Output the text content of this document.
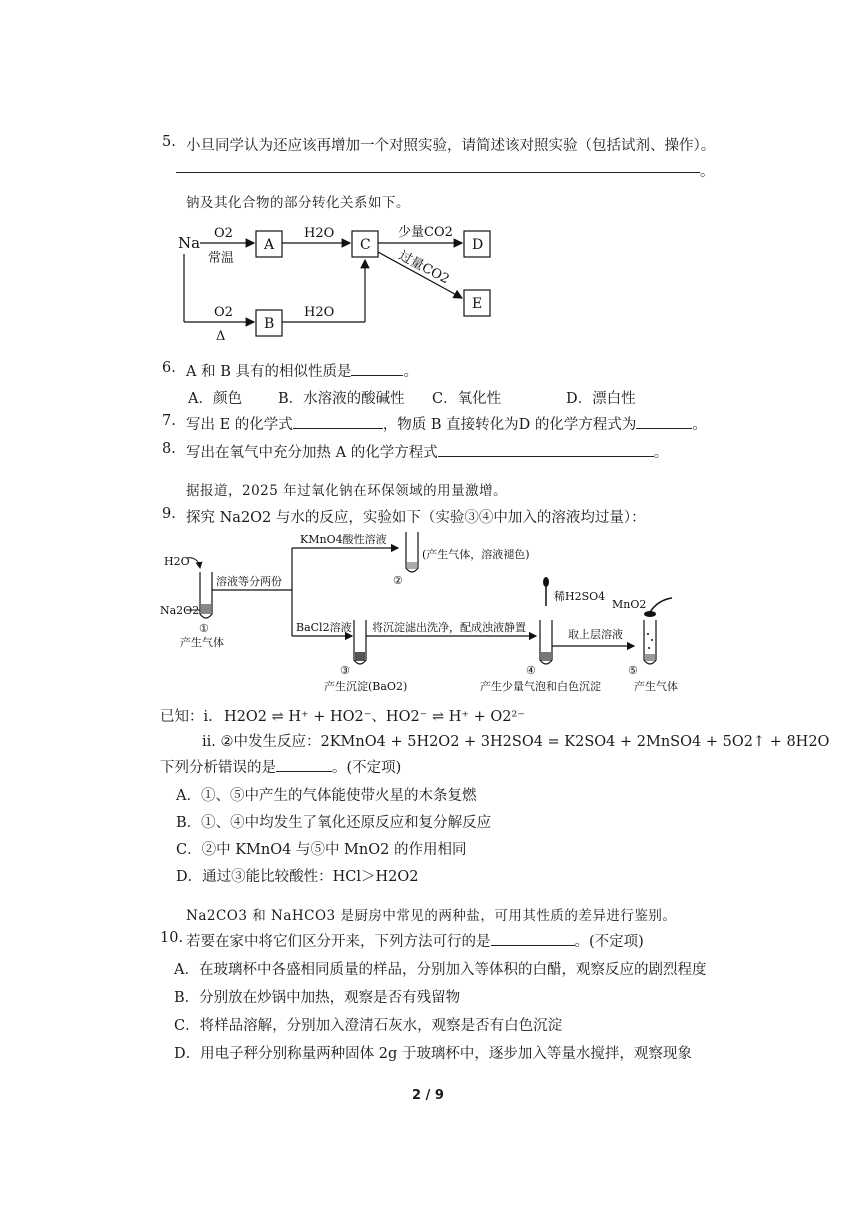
5. 小旦同学认为还应该再增加一个对照实验，请简述该对照实验（包括试剂、操作）。
。
钠及其化合物的部分转化关系如下。
Na
O2
常温
A
H2O
C
少量CO2
D
过量CO2
E
O2
Δ
B
H2O
6. A 和 B 具有的相似性质是	。
A．颜色 B．水溶液的酸碱性 C．氧化性	D．漂白性
7. 写出 E 的化学式	，物质 B 直接转化为D 的化学方程式为	。
8. 写出在氧气中充分加热 A 的化学方程式	。
据报道，2025 年过氧化钠在环保领域的用量激增。
9. 探究 Na2O2 与水的反应，实验如下（实验③④中加入的溶液均过量）：
H2O
Na2O2
①
产生气体
溶液等分两份
KMnO4酸性溶液
②
(产生气体，溶液褪色)
BaCl2溶液
③
产生沉淀(BaO2)
将沉淀滤出洗净，配成浊液静置
稀H2SO4
④
产生少量气泡和白色沉淀
取上层溶液
MnO2
⑤
产生气体
已知：i. H2O2 ⇌ H⁺ + HO2⁻、HO2⁻ ⇌ H⁺ + O2²⁻
ii. ②中发生反应：2KMnO4 + 5H2O2 + 3H2SO4 = K2SO4 + 2MnSO4 + 5O2↑ + 8H2O
下列分析错误的是	。(不定项)
A．①、⑤中产生的气体能使带火星的木条复燃
B．①、④中均发生了氧化还原反应和复分解反应
C．②中 KMnO4 与⑤中 MnO2 的作用相同
D．通过③能比较酸性：HCl＞H2O2
Na2CO3 和 NaHCO3 是厨房中常见的两种盐，可用其性质的差异进行鉴别。
10. 若要在家中将它们区分开来，下列方法可行的是	。(不定项)
A．在玻璃杯中各盛相同质量的样品，分别加入等体积的白醋，观察反应的剧烈程度
B．分别放在炒锅中加热，观察是否有残留物
C．将样品溶解，分别加入澄清石灰水，观察是否有白色沉淀
D．用电子秤分别称量两种固体 2g 于玻璃杯中，逐步加入等量水搅拌，观察现象
2 / 9
